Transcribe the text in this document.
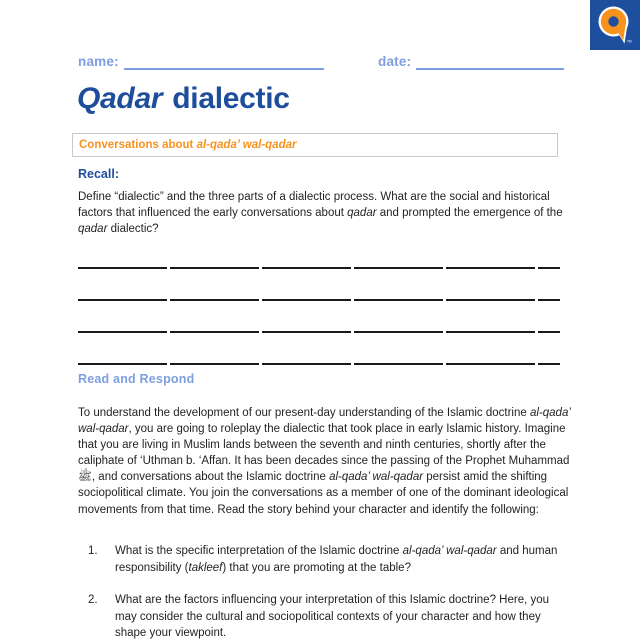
TM
name:	date:
Qadar dialectic
Conversations about al-qada’ wal-qadar
Recall:

Define “dialectic” and the three parts of a dialectic process. What are the social and historical factors that influenced the early conversations about qadar and prompted the emergence of the qadar dialectic?

Read and Respond

To understand the development of our present-day understanding of the Islamic doctrine al-qada’ wal-qadar, you are going to roleplay the dialectic that took place in early Islamic history. Imagine that you are living in Muslim lands between the seventh and ninth centuries, shortly after the caliphate of ‘Uthman b. ‘Affan. It has been decades since the passing of the Prophet Muhammad ﷺ, and conversations about the Islamic doctrine al-qada’ wal-qadar persist amid the shifting sociopolitical climate. You join the conversations as a member of one of the dominant ideological movements from that time. Read the story behind your character and identify the following:

1.	What is the specific interpretation of the Islamic doctrine al-qada’ wal-qadar and human responsibility (takleef) that you are promoting at the table?
2.	What are the factors influencing your interpretation of this Islamic doctrine? Here, you may consider the cultural and sociopolitical contexts of your character and how they shape your viewpoint.
